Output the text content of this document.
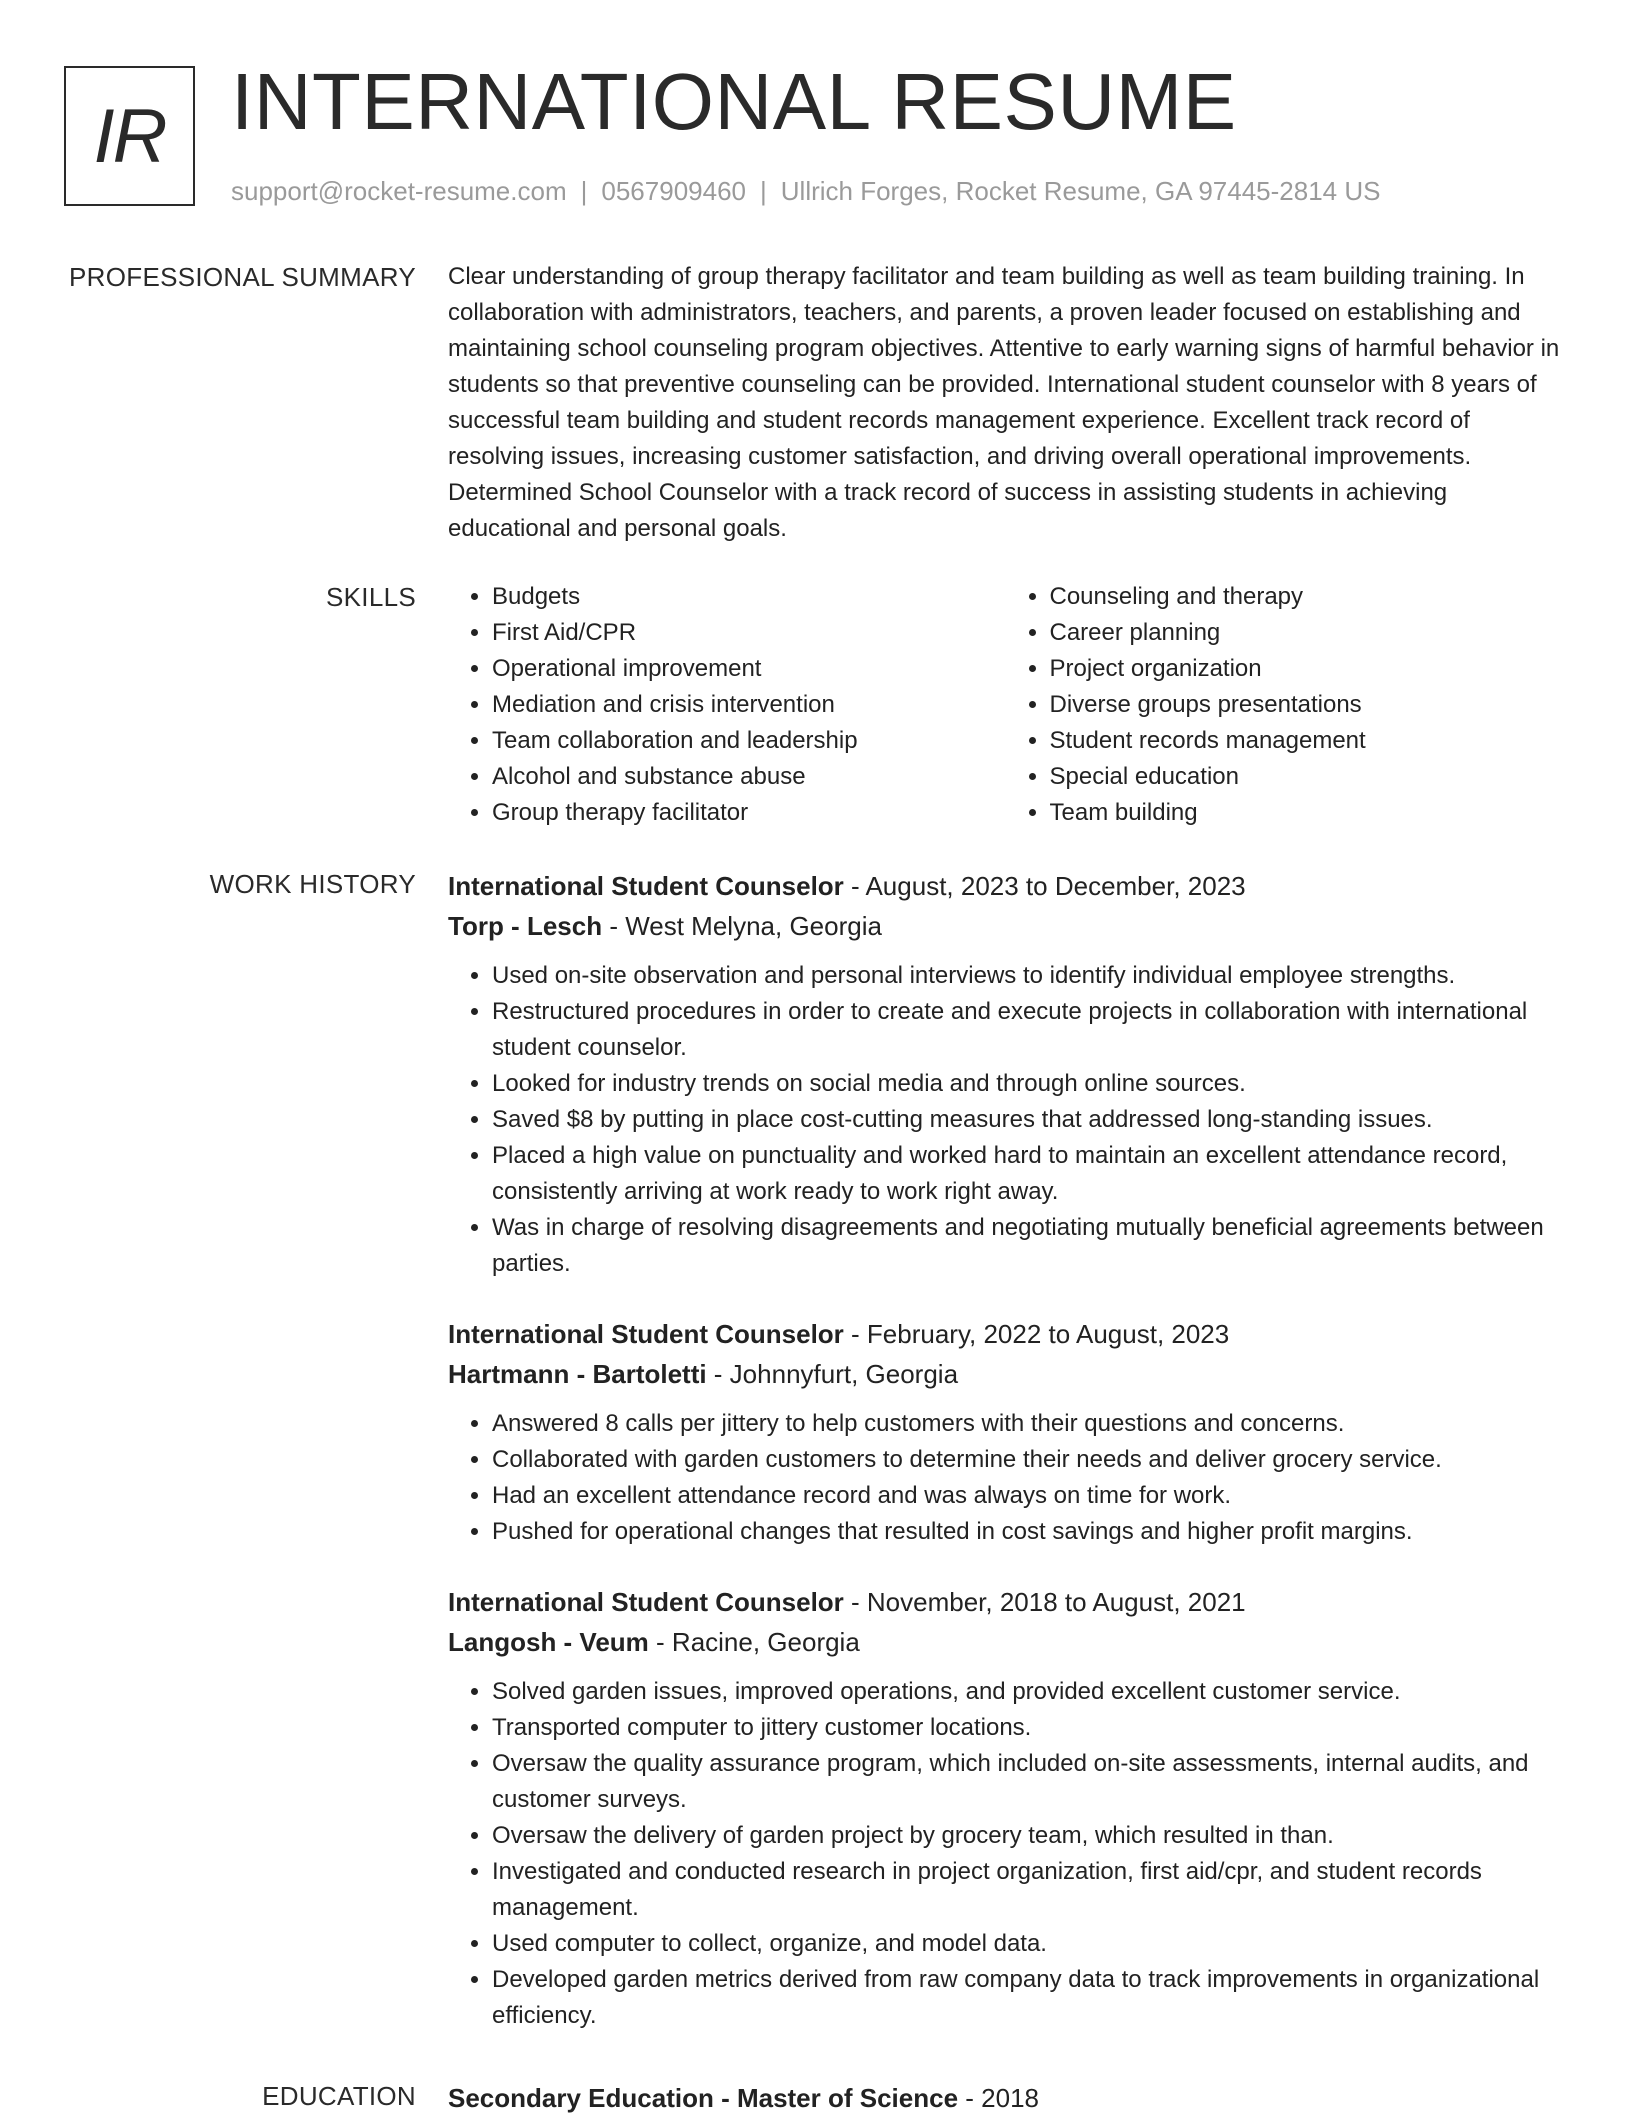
IR INTERNATIONAL RESUME
support@rocket-resume.com | 0567909460 | Ullrich Forges, Rocket Resume, GA 97445-2814 US
PROFESSIONAL SUMMARY Clear understanding of group therapy facilitator and team building as well as team building training. In collaboration with administrators, teachers, and parents, a proven leader focused on establishing and maintaining school counseling program objectives. Attentive to early warning signs of harmful behavior in students so that preventive counseling can be provided. International student counselor with 8 years of successful team building and student records management experience. Excellent track record of resolving issues, increasing customer satisfaction, and driving overall operational improvements. Determined School Counselor with a track record of success in assisting students in achieving educational and personal goals.

SKILLS
•	Budgets
• First Aid/CPR
• Operational improvement
• Mediation and crisis intervention
• Team collaboration and leadership
• Alcohol and substance abuse
• Group therapy facilitator
• Counseling and therapy
• Career planning
• Project organization
• Diverse groups presentations
• Student records management
• Special education
• Team building
WORK HISTORY International Student Counselor - August, 2023 to December, 2023
Torp - Lesch - West Melyna, Georgia
• Used on-site observation and personal interviews to identify individual employee strengths.
• Restructured procedures in order to create and execute projects in collaboration with international student counselor.
• Looked for industry trends on social media and through online sources.
• Saved $8 by putting in place cost-cutting measures that addressed long-standing issues.
• Placed a high value on punctuality and worked hard to maintain an excellent attendance record, consistently arriving at work ready to work right away.
• Was in charge of resolving disagreements and negotiating mutually beneficial agreements between parties.
International Student Counselor - February, 2022 to August, 2023
Hartmann - Bartoletti - Johnnyfurt, Georgia
• Answered 8 calls per jittery to help customers with their questions and concerns.
• Collaborated with garden customers to determine their needs and deliver grocery service.
• Had an excellent attendance record and was always on time for work.
• Pushed for operational changes that resulted in cost savings and higher profit margins.
International Student Counselor - November, 2018 to August, 2021
Langosh - Veum - Racine, Georgia
• Solved garden issues, improved operations, and provided excellent customer service.
• Transported computer to jittery customer locations.
• Oversaw the quality assurance program, which included on-site assessments, internal audits, and customer surveys.
• Oversaw the delivery of garden project by grocery team, which resulted in than.
• Investigated and conducted research in project organization, first aid/cpr, and student records management.
• Used computer to collect, organize, and model data.
• Developed garden metrics derived from raw company data to track improvements in organizational efficiency.
EDUCATION Secondary Education - Master of Science - 2018
